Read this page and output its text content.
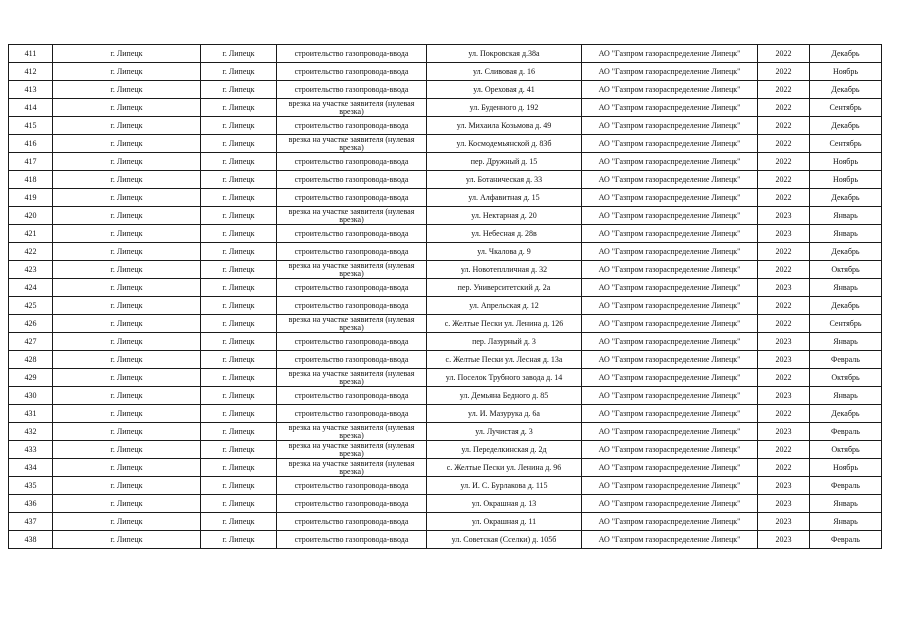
411	г. Липецк	г. Липецк	строительство газопровода-ввода	ул. Покровская д.38а	АО "Газпром газораспределение Липецк"	2022	Декабрь
412	г. Липецк	г. Липецк	строительство газопровода-ввода	ул. Сливовая д. 16	АО "Газпром газораспределение Липецк"	2022	Ноябрь
413	г. Липецк	г. Липецк	строительство газопровода-ввода	ул. Ореховая д. 41	АО "Газпром газораспределение Липецк"	2022	Декабрь
414	г. Липецк	г. Липецк	врезка на участке заявителя (нулевая врезка)	ул. Буденного д. 192	АО "Газпром газораспределение Липецк"	2022	Сентябрь
415	г. Липецк	г. Липецк	строительство газопровода-ввода	ул. Михаила Козьмова д. 49	АО "Газпром газораспределение Липецк"	2022	Декабрь
416	г. Липецк	г. Липецк	врезка на участке заявителя (нулевая врезка)	ул. Космодемьянской д. 83б	АО "Газпром газораспределение Липецк"	2022	Сентябрь
417	г. Липецк	г. Липецк	строительство газопровода-ввода	пер. Дружный д. 15	АО "Газпром газораспределение Липецк"	2022	Ноябрь
418	г. Липецк	г. Липецк	строительство газопровода-ввода	ул. Ботаническая д. 33	АО "Газпром газораспределение Липецк"	2022	Ноябрь
419	г. Липецк	г. Липецк	строительство газопровода-ввода	ул. Алфавитная д. 15	АО "Газпром газораспределение Липецк"	2022	Декабрь
420	г. Липецк	г. Липецк	врезка на участке заявителя (нулевая врезка)	ул. Нектарная д. 20	АО "Газпром газораспределение Липецк"	2023	Январь
421	г. Липецк	г. Липецк	строительство газопровода-ввода	ул. Небесная д. 28в	АО "Газпром газораспределение Липецк"	2023	Январь
422	г. Липецк	г. Липецк	строительство газопровода-ввода	ул. Чкалова д. 9	АО "Газпром газораспределение Липецк"	2022	Декабрь
423	г. Липецк	г. Липецк	врезка на участке заявителя (нулевая врезка)	ул. Новотеплличная д. 32	АО "Газпром газораспределение Липецк"	2022	Октябрь
424	г. Липецк	г. Липецк	строительство газопровода-ввода	пер. Университетский д. 2а	АО "Газпром газораспределение Липецк"	2023	Январь
425	г. Липецк	г. Липецк	строительство газопровода-ввода	ул. Апрельская д. 12	АО "Газпром газораспределение Липецк"	2022	Декабрь
426	г. Липецк	г. Липецк	врезка на участке заявителя (нулевая врезка)	с. Желтые Пески ул. Ленина д. 126	АО "Газпром газораспределение Липецк"	2022	Сентябрь
427	г. Липецк	г. Липецк	строительство газопровода-ввода	пер. Лазурный д. 3	АО "Газпром газораспределение Липецк"	2023	Январь
428	г. Липецк	г. Липецк	строительство газопровода-ввода	с. Желтые Пески ул. Лесная д. 13а	АО "Газпром газораспределение Липецк"	2023	Февраль
429	г. Липецк	г. Липецк	врезка на участке заявителя (нулевая врезка)	ул. Поселок Трубного завода д. 14	АО "Газпром газораспределение Липецк"	2022	Октябрь
430	г. Липецк	г. Липецк	строительство газопровода-ввода	ул. Демьяна Бедного д. 85	АО "Газпром газораспределение Липецк"	2023	Январь
431	г. Липецк	г. Липецк	строительство газопровода-ввода	ул. И. Мазурука д. 6а	АО "Газпром газораспределение Липецк"	2022	Декабрь
432	г. Липецк	г. Липецк	врезка на участке заявителя (нулевая врезка)	ул. Лучистая д. 3	АО "Газпром газораспределение Липецк"	2023	Февраль
433	г. Липецк	г. Липецк	врезка на участке заявителя (нулевая врезка)	ул. Переделкинская д. 2д	АО "Газпром газораспределение Липецк"	2022	Октябрь
434	г. Липецк	г. Липецк	врезка на участке заявителя (нулевая врезка)	с. Желтые Пески ул. Ленина д. 96	АО "Газпром газораспределение Липецк"	2022	Ноябрь
435	г. Липецк	г. Липецк	строительство газопровода-ввода	ул. И. С. Бурлакова д. 115	АО "Газпром газораспределение Липецк"	2023	Февраль
436	г. Липецк	г. Липецк	строительство газопровода-ввода	ул. Окрашная д. 13	АО "Газпром газораспределение Липецк"	2023	Январь
437	г. Липецк	г. Липецк	строительство газопровода-ввода	ул. Окрашная д. 11	АО "Газпром газораспределение Липецк"	2023	Январь
438	г. Липецк	г. Липецк	строительство газопровода-ввода	ул. Советская (Сселки) д. 105б	АО "Газпром газораспределение Липецк"	2023	Февраль
